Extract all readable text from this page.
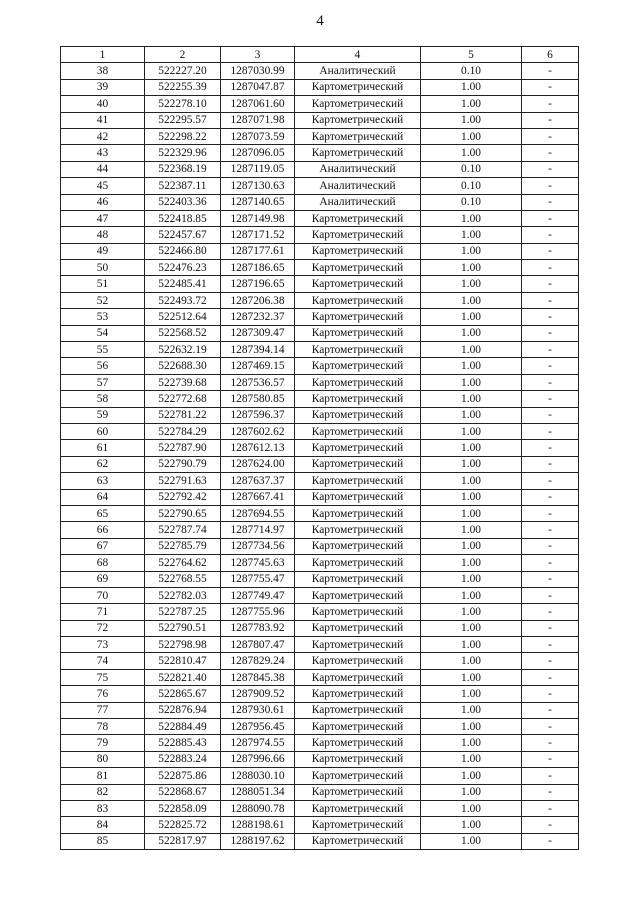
4
1	2	3	4	5	6
38	522227.20	1287030.99	Аналитический	0.10	-
39	522255.39	1287047.87	Картометрический	1.00	-
40	522278.10	1287061.60	Картометрический	1.00	-
41	522295.57	1287071.98	Картометрический	1.00	-
42	522298.22	1287073.59	Картометрический	1.00	-
43	522329.96	1287096.05	Картометрический	1.00	-
44	522368.19	1287119.05	Аналитический	0.10	-
45	522387.11	1287130.63	Аналитический	0.10	-
46	522403.36	1287140.65	Аналитический	0.10	-
47	522418.85	1287149.98	Картометрический	1.00	-
48	522457.67	1287171.52	Картометрический	1.00	-
49	522466.80	1287177.61	Картометрический	1.00	-
50	522476.23	1287186.65	Картометрический	1.00	-
51	522485.41	1287196.65	Картометрический	1.00	-
52	522493.72	1287206.38	Картометрический	1.00	-
53	522512.64	1287232.37	Картометрический	1.00	-
54	522568.52	1287309.47	Картометрический	1.00	-
55	522632.19	1287394.14	Картометрический	1.00	-
56	522688.30	1287469.15	Картометрический	1.00	-
57	522739.68	1287536.57	Картометрический	1.00	-
58	522772.68	1287580.85	Картометрический	1.00	-
59	522781.22	1287596.37	Картометрический	1.00	-
60	522784.29	1287602.62	Картометрический	1.00	-
61	522787.90	1287612.13	Картометрический	1.00	-
62	522790.79	1287624.00	Картометрический	1.00	-
63	522791.63	1287637.37	Картометрический	1.00	-
64	522792.42	1287667.41	Картометрический	1.00	-
65	522790.65	1287694.55	Картометрический	1.00	-
66	522787.74	1287714.97	Картометрический	1.00	-
67	522785.79	1287734.56	Картометрический	1.00	-
68	522764.62	1287745.63	Картометрический	1.00	-
69	522768.55	1287755.47	Картометрический	1.00	-
70	522782.03	1287749.47	Картометрический	1.00	-
71	522787.25	1287755.96	Картометрический	1.00	-
72	522790.51	1287783.92	Картометрический	1.00	-
73	522798.98	1287807.47	Картометрический	1.00	-
74	522810.47	1287829.24	Картометрический	1.00	-
75	522821.40	1287845.38	Картометрический	1.00	-
76	522865.67	1287909.52	Картометрический	1.00	-
77	522876.94	1287930.61	Картометрический	1.00	-
78	522884.49	1287956.45	Картометрический	1.00	-
79	522885.43	1287974.55	Картометрический	1.00	-
80	522883.24	1287996.66	Картометрический	1.00	-
81	522875.86	1288030.10	Картометрический	1.00	-
82	522868.67	1288051.34	Картометрический	1.00	-
83	522858.09	1288090.78	Картометрический	1.00	-
84	522825.72	1288198.61	Картометрический	1.00	-
85	522817.97	1288197.62	Картометрический	1.00	-
